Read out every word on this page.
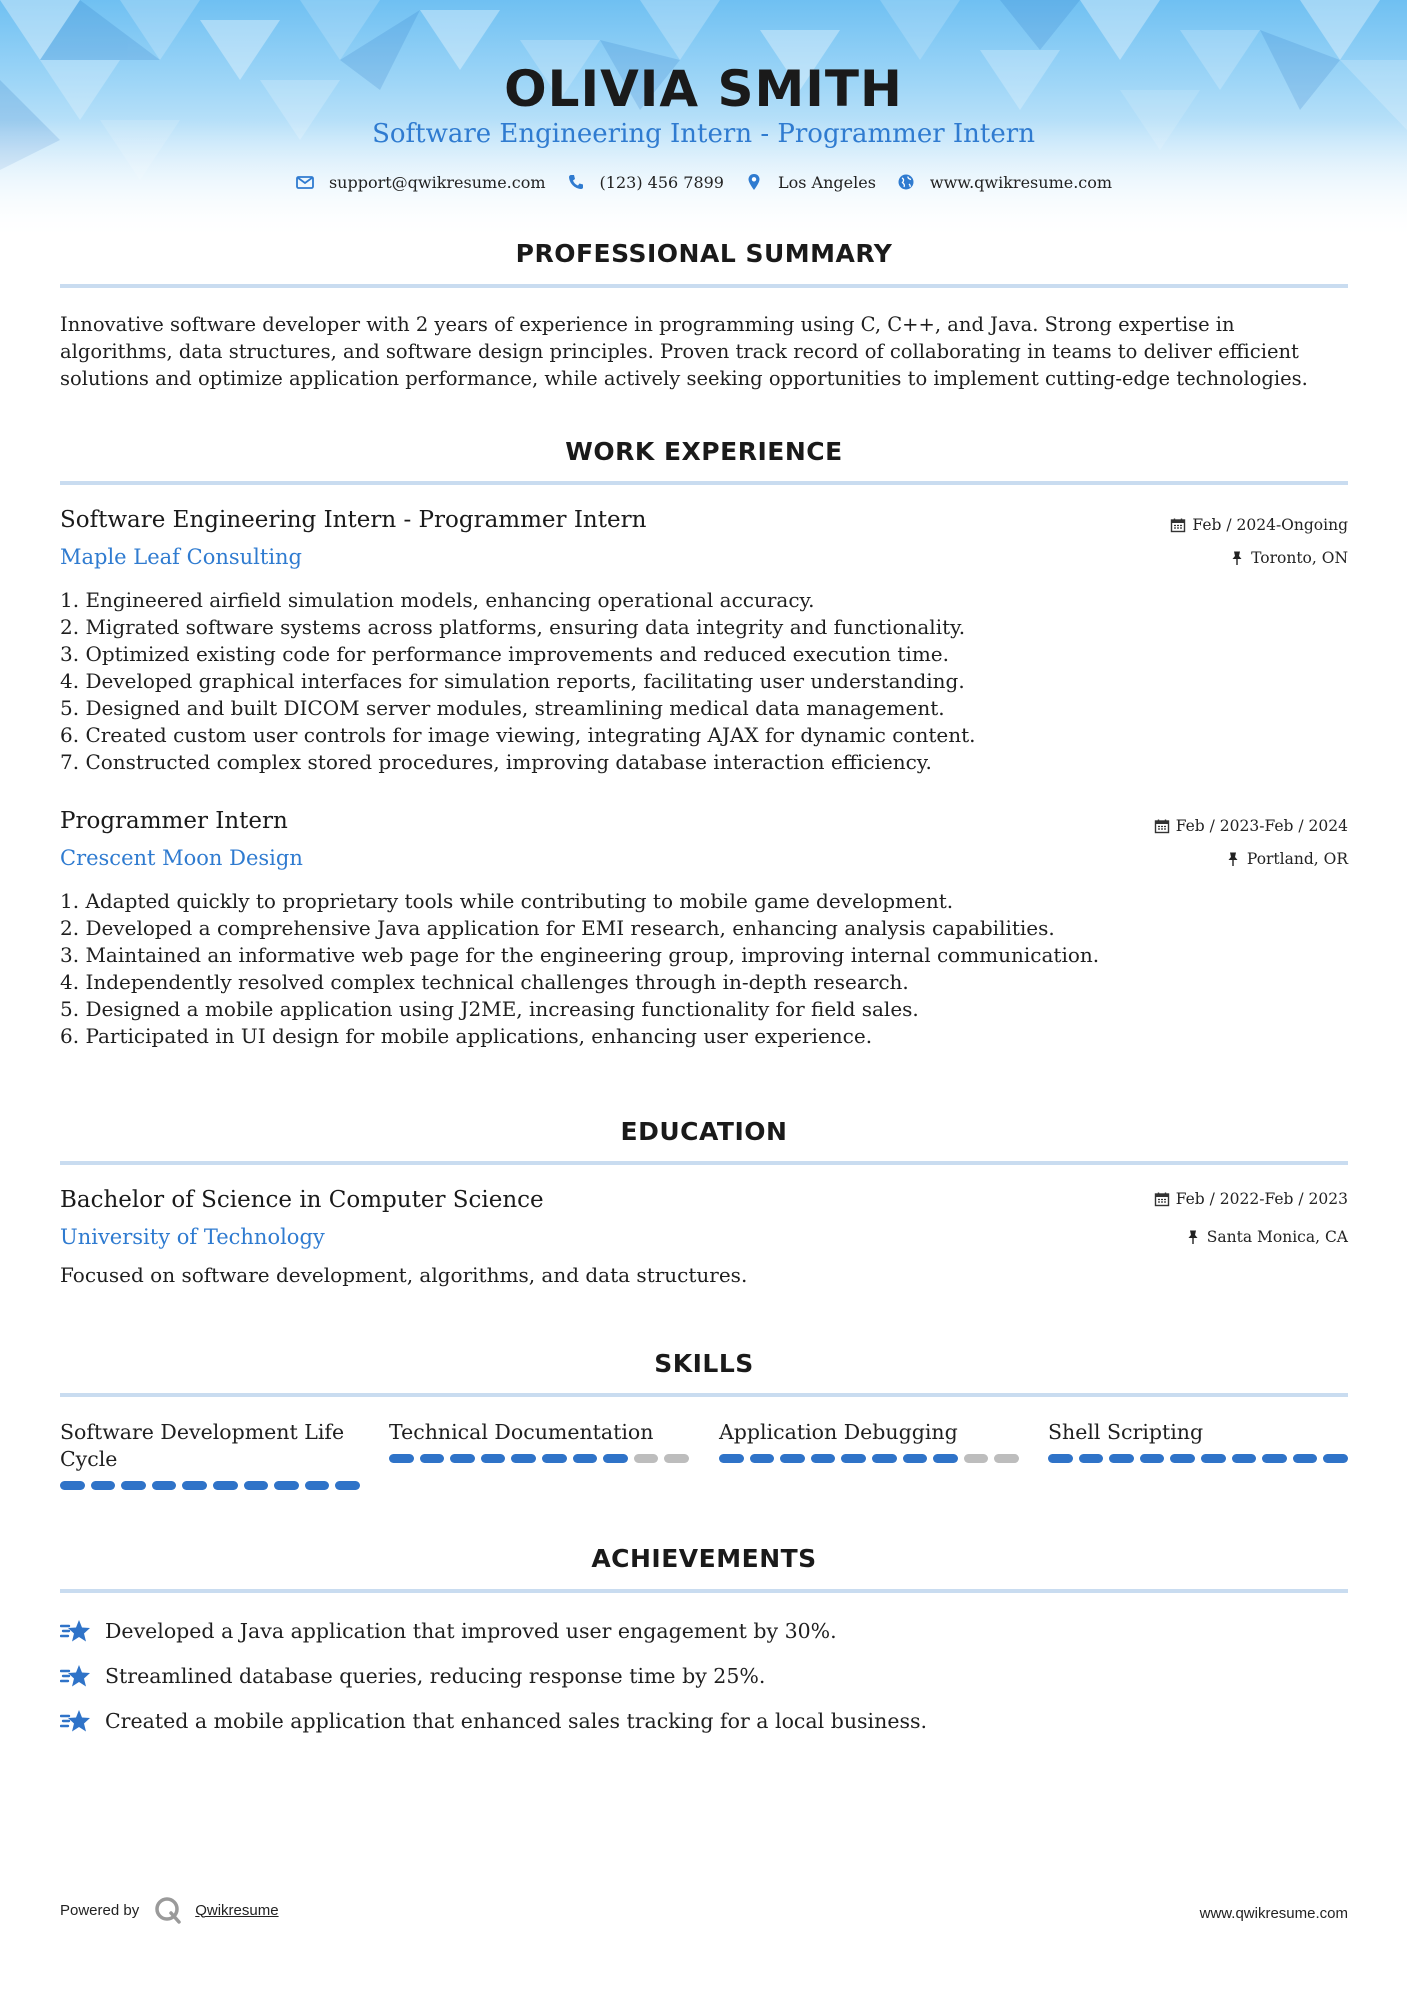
OLIVIA SMITH
Software Engineering Intern - Programmer Intern
support@qwikresume.com	(123) 456 7899	Los Angeles	www.qwikresume.com
PROFESSIONAL SUMMARY
Innovative software developer with 2 years of experience in programming using C, C++, and Java. Strong expertise in algorithms, data structures, and software design principles. Proven track record of collaborating in teams to deliver efficient solutions and optimize application performance, while actively seeking opportunities to implement cutting-edge technologies.
WORK EXPERIENCE
Software Engineering Intern - Programmer Intern
Maple Leaf Consulting
Feb / 2024-Ongoing
Toronto, ON
1. Engineered airfield simulation models, enhancing operational accuracy.
2. Migrated software systems across platforms, ensuring data integrity and functionality.
3. Optimized existing code for performance improvements and reduced execution time.
4. Developed graphical interfaces for simulation reports, facilitating user understanding.
5. Designed and built DICOM server modules, streamlining medical data management.
6. Created custom user controls for image viewing, integrating AJAX for dynamic content.
7. Constructed complex stored procedures, improving database interaction efficiency.
Programmer Intern
Crescent Moon Design
Feb / 2023-Feb / 2024
Portland, OR
1. Adapted quickly to proprietary tools while contributing to mobile game development.
2. Developed a comprehensive Java application for EMI research, enhancing analysis capabilities.
3. Maintained an informative web page for the engineering group, improving internal communication.
4. Independently resolved complex technical challenges through in-depth research.
5. Designed a mobile application using J2ME, increasing functionality for field sales.
6. Participated in UI design for mobile applications, enhancing user experience.
EDUCATION
Bachelor of Science in Computer Science
University of Technology
Feb / 2022-Feb / 2023
Santa Monica, CA
Focused on software development, algorithms, and data structures.
SKILLS
Software Development Life Cycle
Technical Documentation	Application Debugging	Shell Scripting
ACHIEVEMENTS
Developed a Java application that improved user engagement by 30%.
Streamlined database queries, reducing response time by 25%.
Created a mobile application that enhanced sales tracking for a local business.
Powered by	Qwikresume	www.qwikresume.com
